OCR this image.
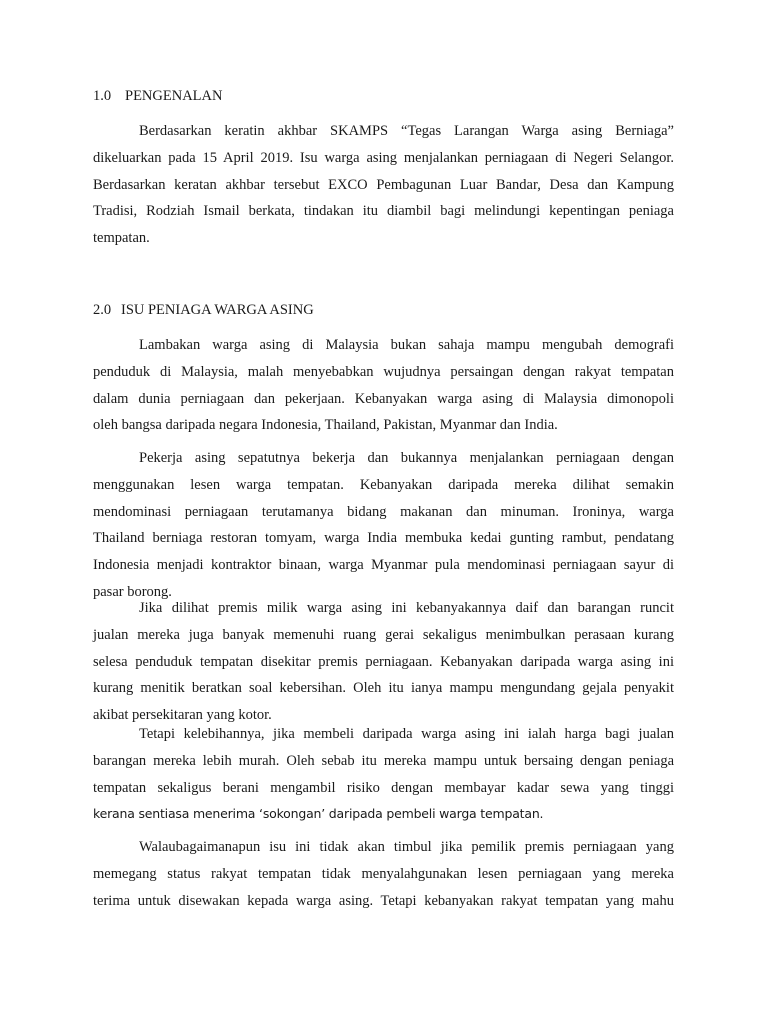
1.0 PENGENALAN
Berdasarkan keratin akhbar SKAMPS “Tegas Larangan Warga asing Berniaga”
dikeluarkan pada 15 April 2019. Isu warga asing menjalankan perniagaan di Negeri Selangor.
Berdasarkan keratan akhbar tersebut EXCO Pembagunan Luar Bandar, Desa dan Kampung
Tradisi, Rodziah Ismail berkata, tindakan itu diambil bagi melindungi kepentingan peniaga
tempatan.
2.0 ISU PENIAGA WARGA ASING
Lambakan warga asing di Malaysia bukan sahaja mampu mengubah demografi
penduduk di Malaysia, malah menyebabkan wujudnya persaingan dengan rakyat tempatan
dalam dunia perniagaan dan pekerjaan. Kebanyakan warga asing di Malaysia dimonopoli
oleh bangsa daripada negara Indonesia, Thailand, Pakistan, Myanmar dan India.
Pekerja asing sepatutnya bekerja dan bukannya menjalankan perniagaan dengan
menggunakan lesen warga tempatan. Kebanyakan daripada mereka dilihat semakin
mendominasi perniagaan terutamanya bidang makanan dan minuman. Ironinya, warga
Thailand berniaga restoran tomyam, warga India membuka kedai gunting rambut, pendatang
Indonesia menjadi kontraktor binaan, warga Myanmar pula mendominasi perniagaan sayur di
pasar borong.
Jika dilihat premis milik warga asing ini kebanyakannya daif dan barangan runcit
jualan mereka juga banyak memenuhi ruang gerai sekaligus menimbulkan perasaan kurang
selesa penduduk tempatan disekitar premis perniagaan. Kebanyakan daripada warga asing ini
kurang menitik beratkan soal kebersihan. Oleh itu ianya mampu mengundang gejala penyakit
akibat persekitaran yang kotor.
Tetapi kelebihannya, jika membeli daripada warga asing ini ialah harga bagi jualan
barangan mereka lebih murah. Oleh sebab itu mereka mampu untuk bersaing dengan peniaga
tempatan sekaligus berani mengambil risiko dengan membayar kadar sewa yang tinggi
kerana sentiasa menerima ‘sokongan’ daripada pembeli warga tempatan.
Walaubagaimanapun isu ini tidak akan timbul jika pemilik premis perniagaan yang
memegang status rakyat tempatan tidak menyalahgunakan lesen perniagaan yang mereka
terima untuk disewakan kepada warga asing. Tetapi kebanyakan rakyat tempatan yang mahu
